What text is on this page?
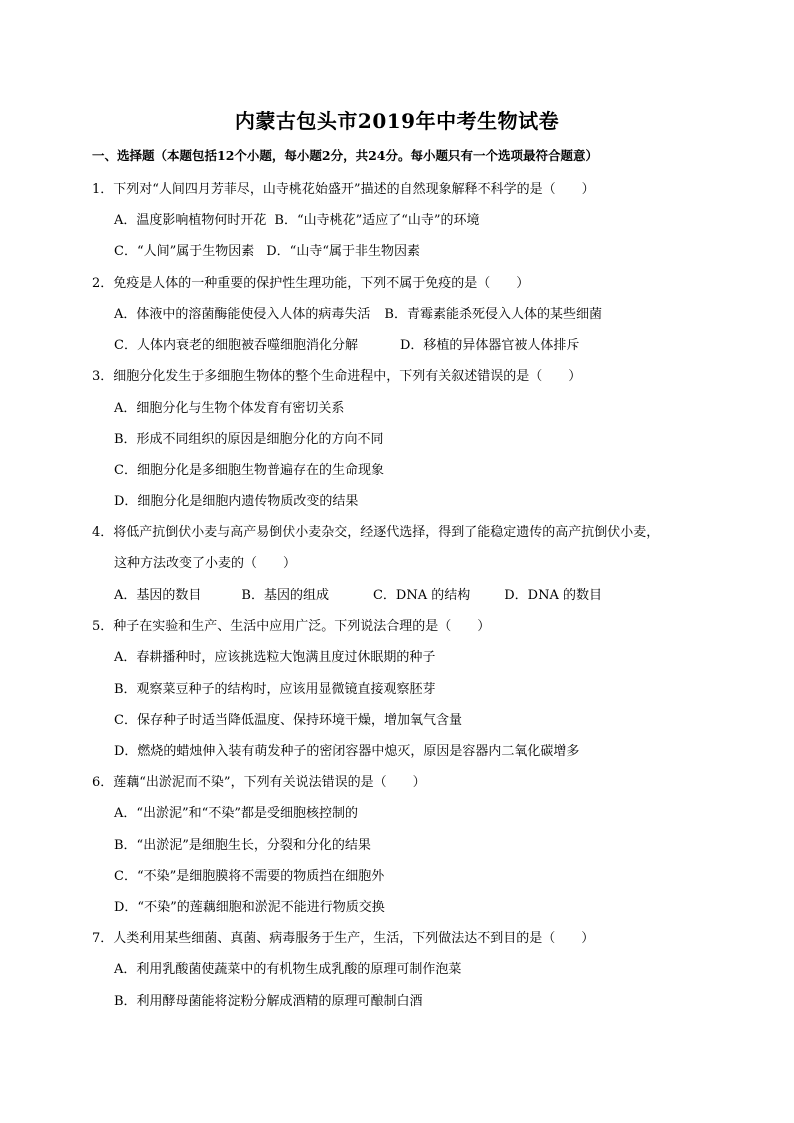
内蒙古包头市2019年中考生物试卷
一、选择题（本题包括12个小题，每小题2分，共24分。每小题只有一个选项最符合题意）
1．下列对“人间四月芳菲尽，山寺桃花始盛开”描述的自然现象解释不科学的是（　　）
A．温度影响植物何时开花 B．“山寺桃花”适应了“山寺”的环境
C．“人间”属于生物因素 D．“山寺“属于非生物因素
2．免疫是人体的一种重要的保护性生理功能，下列不属于免疫的是（　　）
A．体液中的溶菌酶能使侵入人体的病毒失活 B．青霉素能杀死侵入人体的某些细菌
C．人体内衰老的细胞被吞噬细胞消化分解	D．移植的异体器官被人体排斥
3．细胞分化发生于多细胞生物体的整个生命进程中，下列有关叙述错误的是（　　）
A．细胞分化与生物个体发育有密切关系
B．形成不同组织的原因是细胞分化的方向不同
C．细胞分化是多细胞生物普遍存在的生命现象
D．细胞分化是细胞内遗传物质改变的结果
4．将低产抗倒伏小麦与高产易倒伏小麦杂交，经逐代选择，得到了能稳定遗传的高产抗倒伏小麦，
这种方法改变了小麦的（　　）
A．基因的数目	B．基因的组成	C．DNA 的结构	D．DNA 的数目
5．种子在实验和生产、生活中应用广泛。下列说法合理的是（　　）
A．春耕播种时，应该挑选粒大饱满且度过休眠期的种子
B．观察菜豆种子的结构时，应该用显微镜直接观察胚芽
C．保存种子时适当降低温度、保持环境干燥，增加氧气含量
D．燃烧的蜡烛伸入装有萌发种子的密闭容器中熄灭，原因是容器内二氧化碳增多
6．莲藕“出淤泥而不染”，下列有关说法错误的是（　　）
A．“出淤泥”和“不染”都是受细胞核控制的
B．“出淤泥”是细胞生长，分裂和分化的结果
C．“不染”是细胞膜将不需要的物质挡在细胞外
D．“不染”的莲藕细胞和淤泥不能进行物质交换
7．人类利用某些细菌、真菌、病毒服务于生产，生活，下列做法达不到目的是（　　）
A．利用乳酸菌使蔬菜中的有机物生成乳酸的原理可制作泡菜
B．利用酵母菌能将淀粉分解成酒精的原理可酿制白酒
